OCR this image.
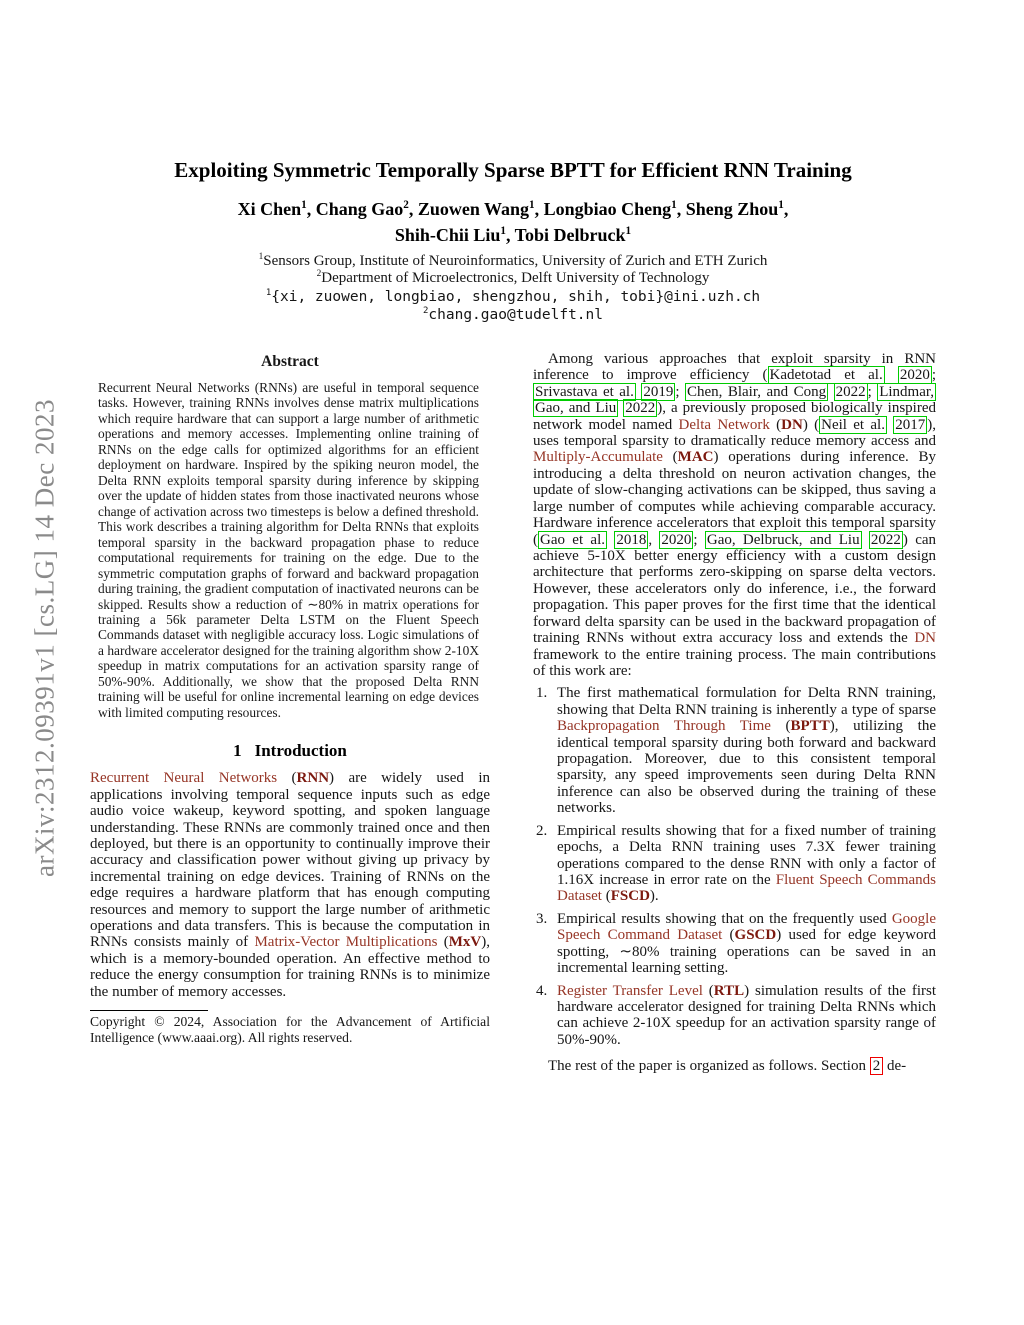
arXiv:2312.09391v1 [cs.LG] 14 Dec 2023
Exploiting Symmetric Temporally Sparse BPTT for Efficient RNN Training
Xi Chen$^1$, Chang Gao$^2$, Zuowen Wang$^1$, Longbiao Cheng$^1$, Sheng Zhou$^1$,
Shih-Chii Liu$^1$, Tobi Delbruck$^1$
$^1$Sensors Group, Institute of Neuroinformatics, University of Zurich and ETH Zurich
$^2$Department of Microelectronics, Delft University of Technology
$^1${xi, zuowen, longbiao, shengzhou, shih, tobi}@ini.uzh.ch
$^2$chang.gao@tudelft.nl
Abstract
Recurrent Neural Networks (RNNs) are useful in temporal sequence tasks. However, training RNNs involves dense matrix multiplications which require hardware that can support a large number of arithmetic operations and memory accesses. Implementing online training of RNNs on the edge calls for optimized algorithms for an efficient deployment on hardware. Inspired by the spiking neuron model, the Delta RNN exploits temporal sparsity during inference by skipping over the update of hidden states from those inactivated neurons whose change of activation across two timesteps is below a defined threshold. This work describes a training algorithm for Delta RNNs that exploits temporal sparsity in the backward propagation phase to reduce computational requirements for training on the edge. Due to the symmetric computation graphs of forward and backward propagation during training, the gradient computation of inactivated neurons can be skipped. Results show a reduction of ∼80% in matrix operations for training a 56k parameter Delta LSTM on the Fluent Speech Commands dataset with negligible accuracy loss. Logic simulations of a hardware accelerator designed for the training algorithm show 2-10X speedup in matrix computations for an activation sparsity range of 50%-90%. Additionally, we show that the proposed Delta RNN training will be useful for online incremental learning on edge devices with limited computing resources.
1 Introduction
Recurrent Neural Networks (RNN) are widely used in applications involving temporal sequence inputs such as edge audio voice wakeup, keyword spotting, and spoken language understanding. These RNNs are commonly trained once and then deployed, but there is an opportunity to continually improve their accuracy and classification power without giving up privacy by incremental training on edge devices. Training of RNNs on the edge requires a hardware platform that has enough computing resources and memory to support the large number of arithmetic operations and data transfers. This is because the computation in RNNs consists mainly of Matrix-Vector Multiplications (MxV), which is a memory-bounded operation. An effective method to reduce the energy consumption for training RNNs is to minimize the number of memory accesses.
Copyright © 2024, Association for the Advancement of Artificial Intelligence (www.aaai.org). All rights reserved.
Among various approaches that exploit sparsity in RNN inference to improve efficiency ( Kadetotad et al. 2020 ; Srivastava et al. 2019 ; Chen, Blair, and Cong 2022 ; Lindmar, Gao, and Liu 2022 ), a previously proposed biologically inspired network model named Delta Network (DN) ( Neil et al. 2017 ), uses temporal sparsity to dramatically reduce memory access and Multiply-Accumulate (MAC) operations during inference. By introducing a delta threshold on neuron activation changes, the update of slow-changing activations can be skipped, thus saving a large number of computes while achieving comparable accuracy. Hardware inference accelerators that exploit this temporal sparsity ( Gao et al. 2018 , 2020 ; Gao, Delbruck, and Liu 2022 ) can achieve 5-10X better energy efficiency with a custom design architecture that performs zero-skipping on sparse delta vectors. However, these accelerators only do inference, i.e., the forward propagation. This paper proves for the first time that the identical forward delta sparsity can be used in the backward propagation of training RNNs without extra accuracy loss and extends the DN framework to the entire training process. The main contributions of this work are:
1. The first mathematical formulation for Delta RNN training, showing that Delta RNN training is inherently a type of sparse Backpropagation Through Time (BPTT), utilizing the identical temporal sparsity during both forward and backward propagation. Moreover, due to this consistent temporal sparsity, any speed improvements seen during Delta RNN inference can also be observed during the training of these networks.
2. Empirical results showing that for a fixed number of training epochs, a Delta RNN training uses 7.3X fewer training operations compared to the dense RNN with only a factor of 1.16X increase in error rate on the Fluent Speech Commands Dataset (FSCD).
3. Empirical results showing that on the frequently used Google Speech Command Dataset (GSCD) used for edge keyword spotting, ∼80% training operations can be saved in an incremental learning setting.
4. Register Transfer Level (RTL) simulation results of the first hardware accelerator designed for training Delta RNNs which can achieve 2-10X speedup for an activation sparsity range of 50%-90%.
The rest of the paper is organized as follows. Section 2 de-
